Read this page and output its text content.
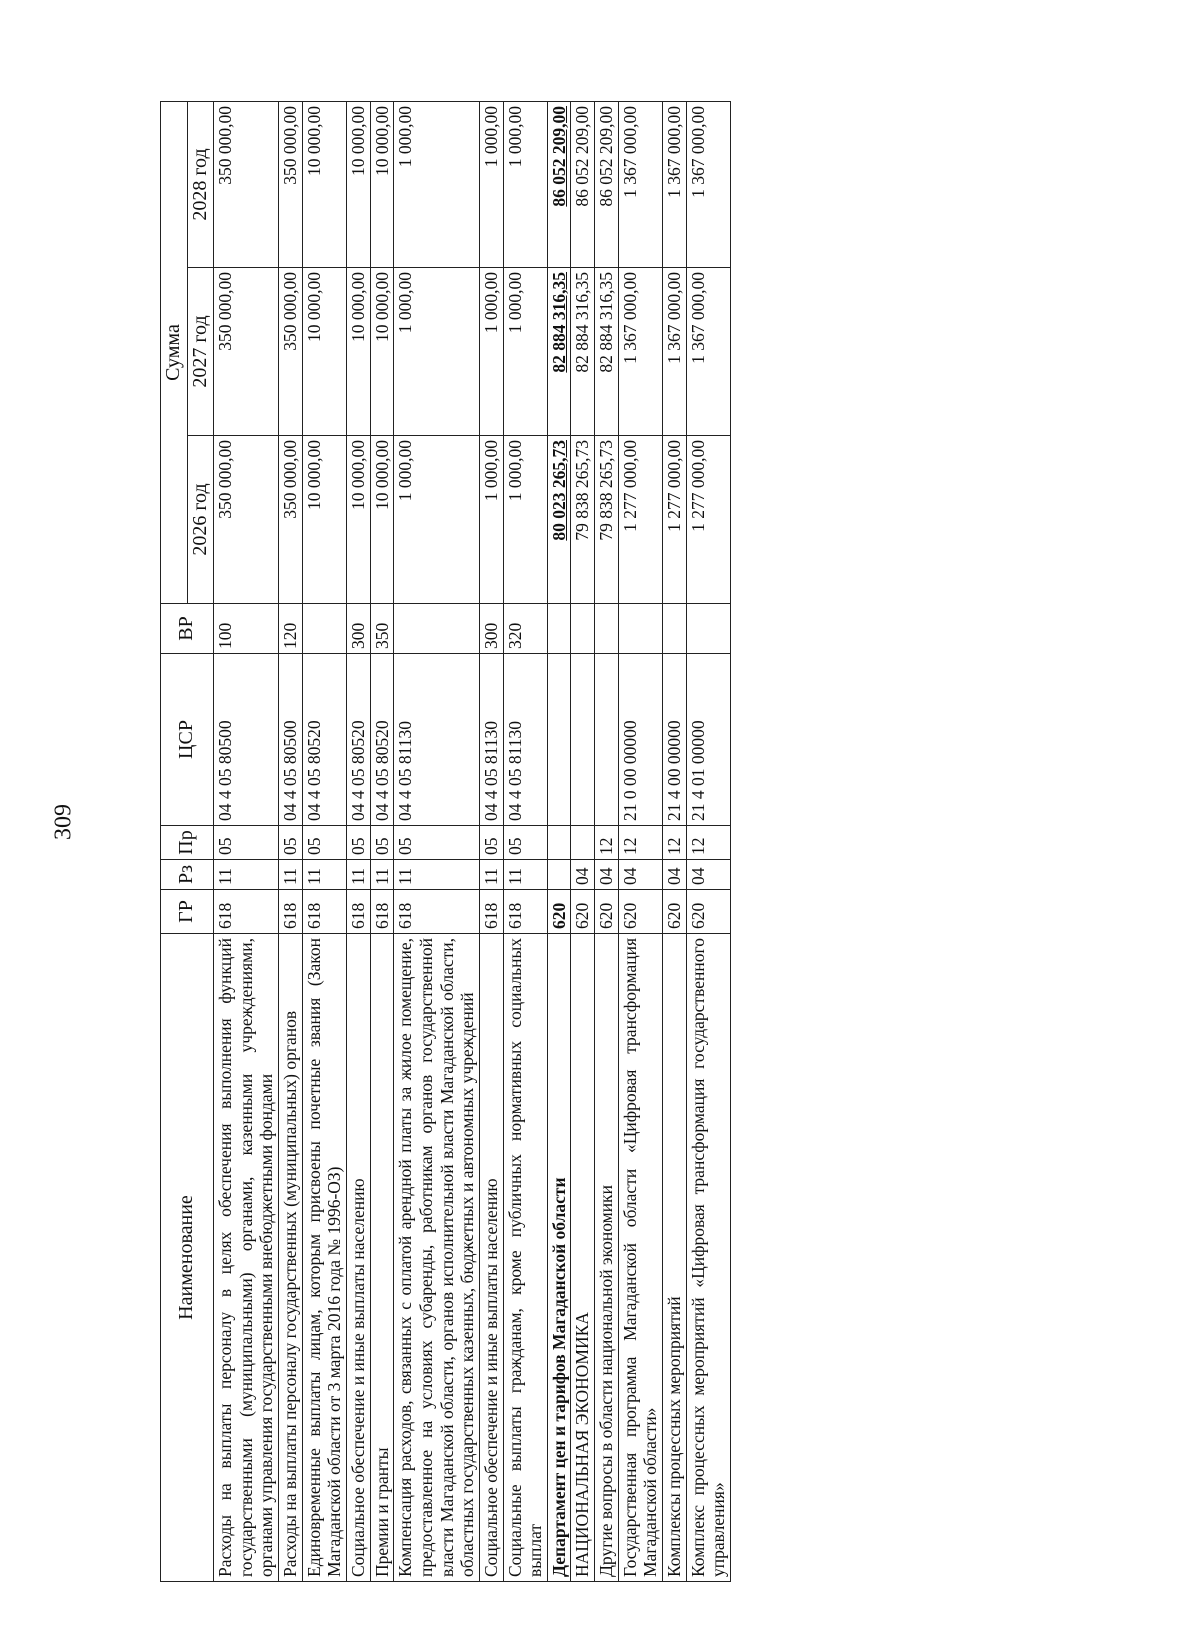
309
Наименование	ГР	Рз	Пр	ЦСР	ВР	Сумма		
						2026 год	2027 год	2028 год
Расходы на выплаты персоналу в целях обеспечения выполнения функций государственными (муниципальными) органами, казенными учреждениями, органами управления государственными внебюджетными фондами	618	11	05	04 4 05 80500	100	350 000,00	350 000,00	350 000,00
Расходы на выплаты персоналу государственных (муниципальных) органов	618	11	05	04 4 05 80500	120	350 000,00	350 000,00	350 000,00
Единовременные выплаты лицам, которым присвоены почетные звания (Закон Магаданской области от 3 марта 2016 года № 1996-ОЗ)	618	11	05	04 4 05 80520		10 000,00	10 000,00	10 000,00
Социальное обеспечение и иные выплаты населению	618	11	05	04 4 05 80520	300	10 000,00	10 000,00	10 000,00
Премии и гранты	618	11	05	04 4 05 80520	350	10 000,00	10 000,00	10 000,00
Компенсация расходов, связанных с оплатой арендной платы за жилое помещение, предоставленное на условиях субаренды, работникам органов государственной власти Магаданской области, органов исполнительной власти Магаданской области, областных государственных казенных, бюджетных и автономных учреждений	618	11	05	04 4 05 81130		1 000,00	1 000,00	1 000,00
Социальное обеспечение и иные выплаты населению	618	11	05	04 4 05 81130	300	1 000,00	1 000,00	1 000,00
Социальные выплаты гражданам, кроме публичных нормативных социальных выплат	618	11	05	04 4 05 81130	320	1 000,00	1 000,00	1 000,00
Департамент цен и тарифов Магаданской области	620					80 023 265,73	82 884 316,35	86 052 209,00
НАЦИОНАЛЬНАЯ ЭКОНОМИКА	620	04				79 838 265,73	82 884 316,35	86 052 209,00
Другие вопросы в области национальной экономики	620	04	12			79 838 265,73	82 884 316,35	86 052 209,00
Государственная программа Магаданской области «Цифровая трансформация Магаданской области»	620	04	12	21 0 00 00000		1 277 000,00	1 367 000,00	1 367 000,00
Комплексы процессных мероприятий	620	04	12	21 4 00 00000		1 277 000,00	1 367 000,00	1 367 000,00
Комплекс процессных мероприятий «Цифровая трансформация государственного управления»	620	04	12	21 4 01 00000		1 277 000,00	1 367 000,00	1 367 000,00
